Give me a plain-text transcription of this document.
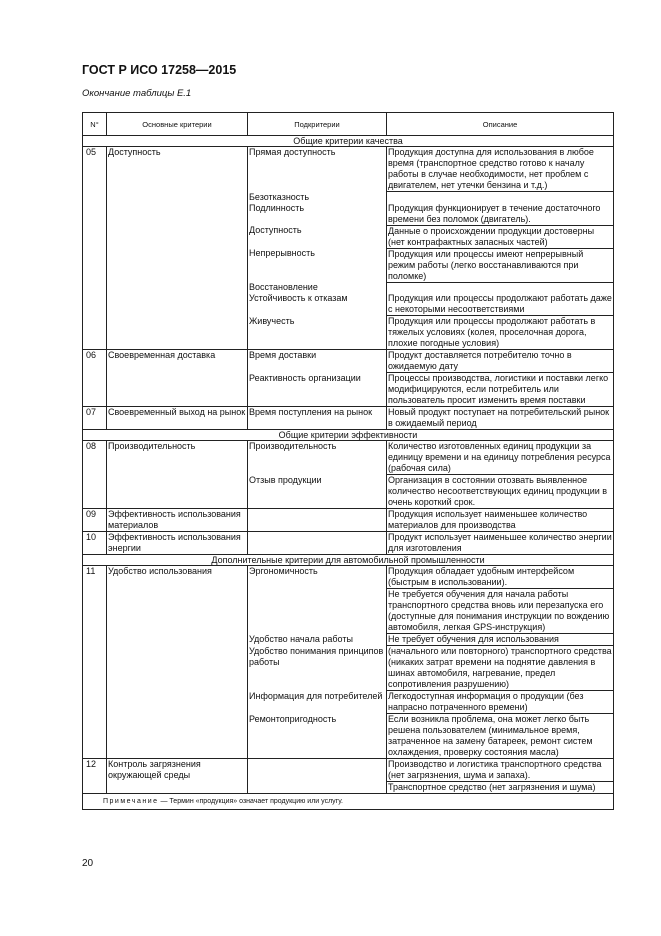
ГОСТ Р ИСО 17258—2015
Окончание таблицы Е.1
N°	Основные критерии	Подкритерии	Описание
Общие критерии качества			
05	Доступность	Прямая доступность	Продукция доступна для использования в любое время (транспортное средство готово к началу работы в случае необходимости, нет проблем с двигателем, нет утечки бензина и т.д.)
		Безотказность	
		Подлинность	Продукция функционирует в течение достаточного времени без поломок (двигатель).
		Доступность	Данные о происхождении продукции достоверны (нет контрафактных запасных частей)
		Непрерывность	Продукция или процессы имеют непрерывный режим работы (легко восстанавливаются при поломке)
		Восстановление	
		Устойчивость к отказам	Продукция или процессы продолжают работать даже с некоторыми несоответствиями
		Живучесть	Продукция или процессы продолжают работать в тяжелых условиях (колея, проселочная дорога, плохие погодные условия)
06	Своевременная доставка	Время доставки	Продукт доставляется потребителю точно в ожидаемую дату
		Реактивность организации	Процессы производства, логистики и поставки легко модифицируются, если потребитель или пользователь просит изменить время поставки
07	Своевременный выход на рынок	Время поступления на рынок	Новый продукт поступает на потребительский рынок в ожидаемый период
Общие критерии эффективности			
08	Производительность	Производительность	Количество изготовленных единиц продукции за единицу времени и на единицу потребления ресурса (рабочая сила)
		Отзыв продукции	Организация в состоянии отозвать выявленное количество несоответствующих единиц продукции в очень короткий срок.
09	Эффективность использования материалов		Продукция использует наименьшее количество материалов для производства
10	Эффективность использования энергии		Продукт использует наименьшее количество энергии для изготовления
Дополнительные критерии для автомобильной промышленности			
11	Удобство использования	Эргономичность	Продукция обладает удобным интерфейсом (быстрым в использовании).
			Не требуется обучения для начала работы транспортного средства вновь или перезапуска его (доступные для понимания инструкции по вождению автомобиля, легкая GPS-инструкция)
		Удобство начала работы	Не требует обучения для использования
		Удобство понимания принципов работы	(начального или повторного) транспортного средства (никаких затрат времени на поднятие давления в шинах автомобиля, нагревание, предел сопротивления разрушению)
		Информация для потребителей	Легкодоступная информация о продукции (без напрасно потраченного времени)
		Ремонтопригодность	Если возникла проблема, она может легко быть решена пользователем (минимальное время, затраченное на замену батареек, ремонт систем охлаждения, проверку состояния масла)
12	Контроль загрязнения окружающей среды		Производство и логистика транспортного средства (нет загрязнения, шума и запаха).
			Транспортное средство (нет загрязнения и шума)
Примечание — Термин «продукция» означает продукцию или услугу.			
20
